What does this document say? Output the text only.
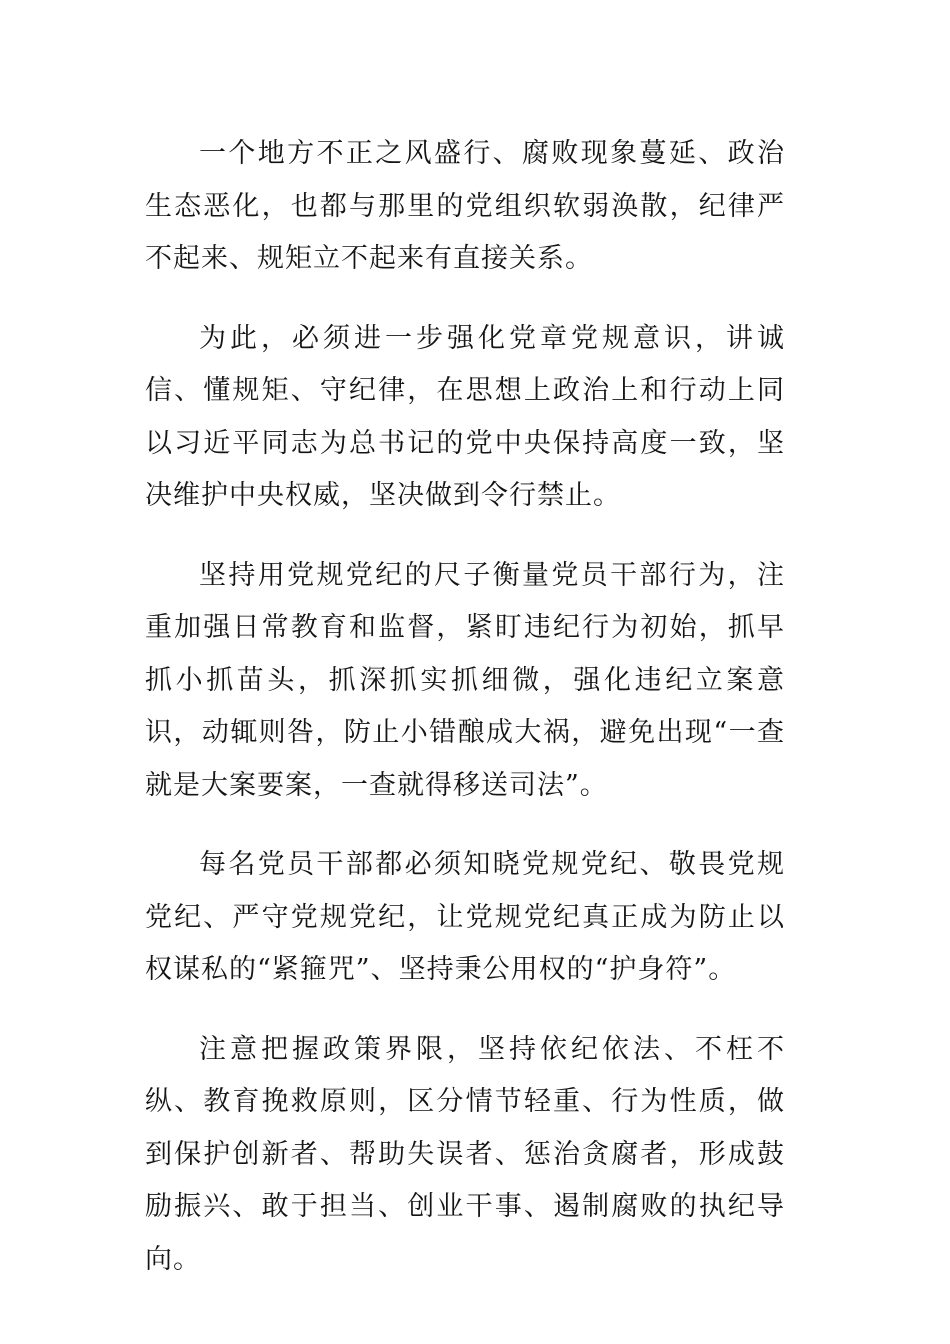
一个地方不正之风盛行、腐败现象蔓延、政治生态恶化，也都与那里的党组织软弱涣散，纪律严不起来、规矩立不起来有直接关系。

为此，必须进一步强化党章党规意识，讲诚信、懂规矩、守纪律，在思想上政治上和行动上同以习近平同志为总书记的党中央保持高度一致，坚决维护中央权威，坚决做到令行禁止。

坚持用党规党纪的尺子衡量党员干部行为，注重加强日常教育和监督，紧盯违纪行为初始，抓早抓小抓苗头，抓深抓实抓细微，强化违纪立案意识，动辄则咎，防止小错酿成大祸，避免出现“一查就是大案要案，一查就得移送司法”。

每名党员干部都必须知晓党规党纪、敬畏党规党纪、严守党规党纪，让党规党纪真正成为防止以权谋私的“紧箍咒”、坚持秉公用权的“护身符”。

注意把握政策界限，坚持依纪依法、不枉不纵、教育挽救原则，区分情节轻重、行为性质，做到保护创新者、帮助失误者、惩治贪腐者，形成鼓励振兴、敢于担当、创业干事、遏制腐败的执纪导向。
